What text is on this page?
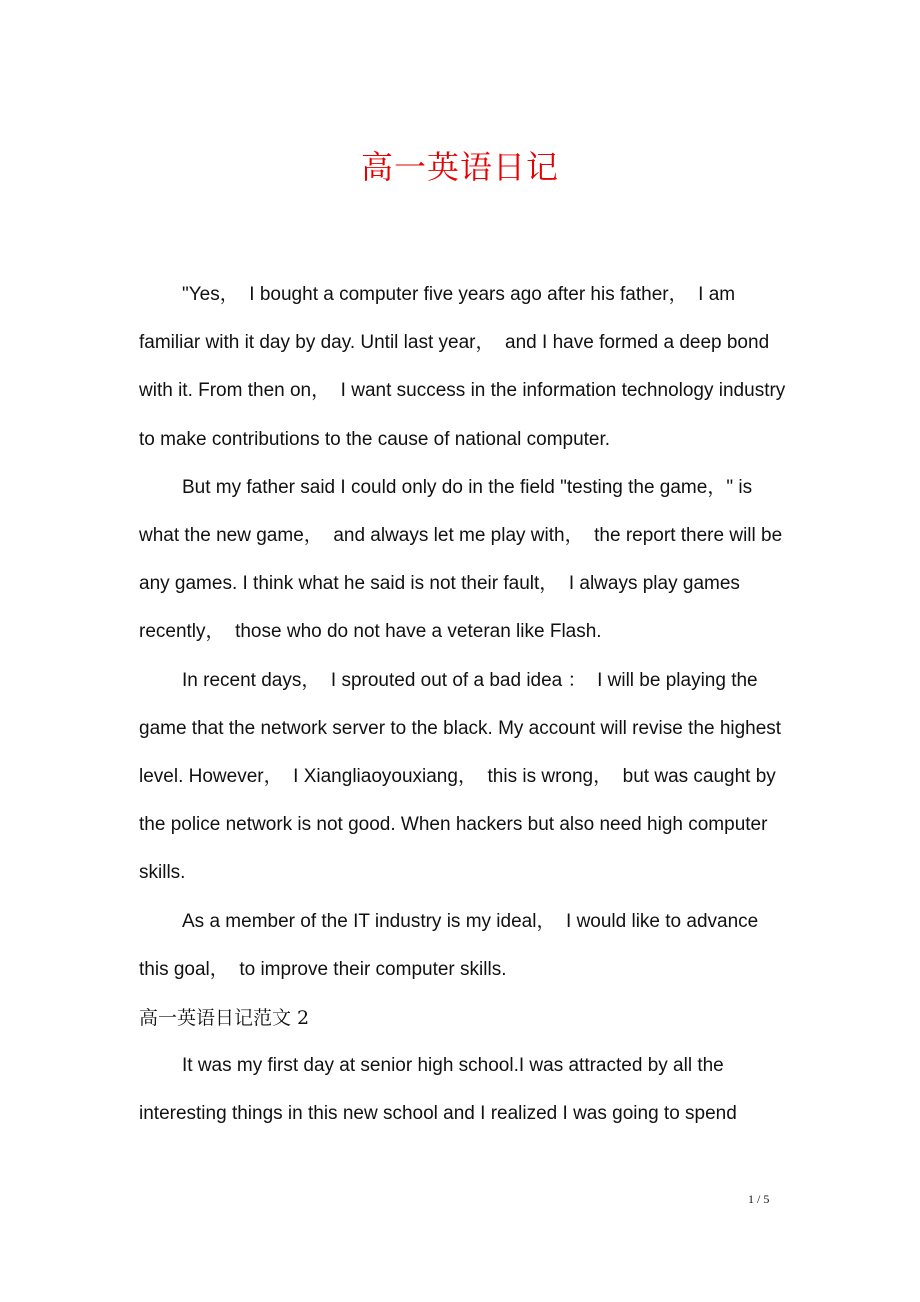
高一英语日记

"Yes，  I bought a computer five years ago after his father，  I am familiar with it day by day. Until last year，  and I have formed a deep bond with it. From then on，  I want success in the information technology industry to make contributions to the cause of national computer.

But my father said I could only do in the field "testing the game，" is what the new game，  and always let me play with，  the report there will be any games. I think what he said is not their fault，  I always play games recently，  those who do not have a veteran like Flash.

In recent days，  I sprouted out of a bad idea ：  I will be playing the game that the network server to the black. My account will revise the highest level. However，  I Xiangliaoyouxiang，  this is wrong，  but was caught by the police network is not good. When hackers but also need high computer skills.

As a member of the IT industry is my ideal，  I would like to advance this goal，  to improve their computer skills.

高一英语日记范文 2

It was my first day at senior high school.I was attracted by all the interesting things in this new school and I realized I was going to spend

1 / 5
